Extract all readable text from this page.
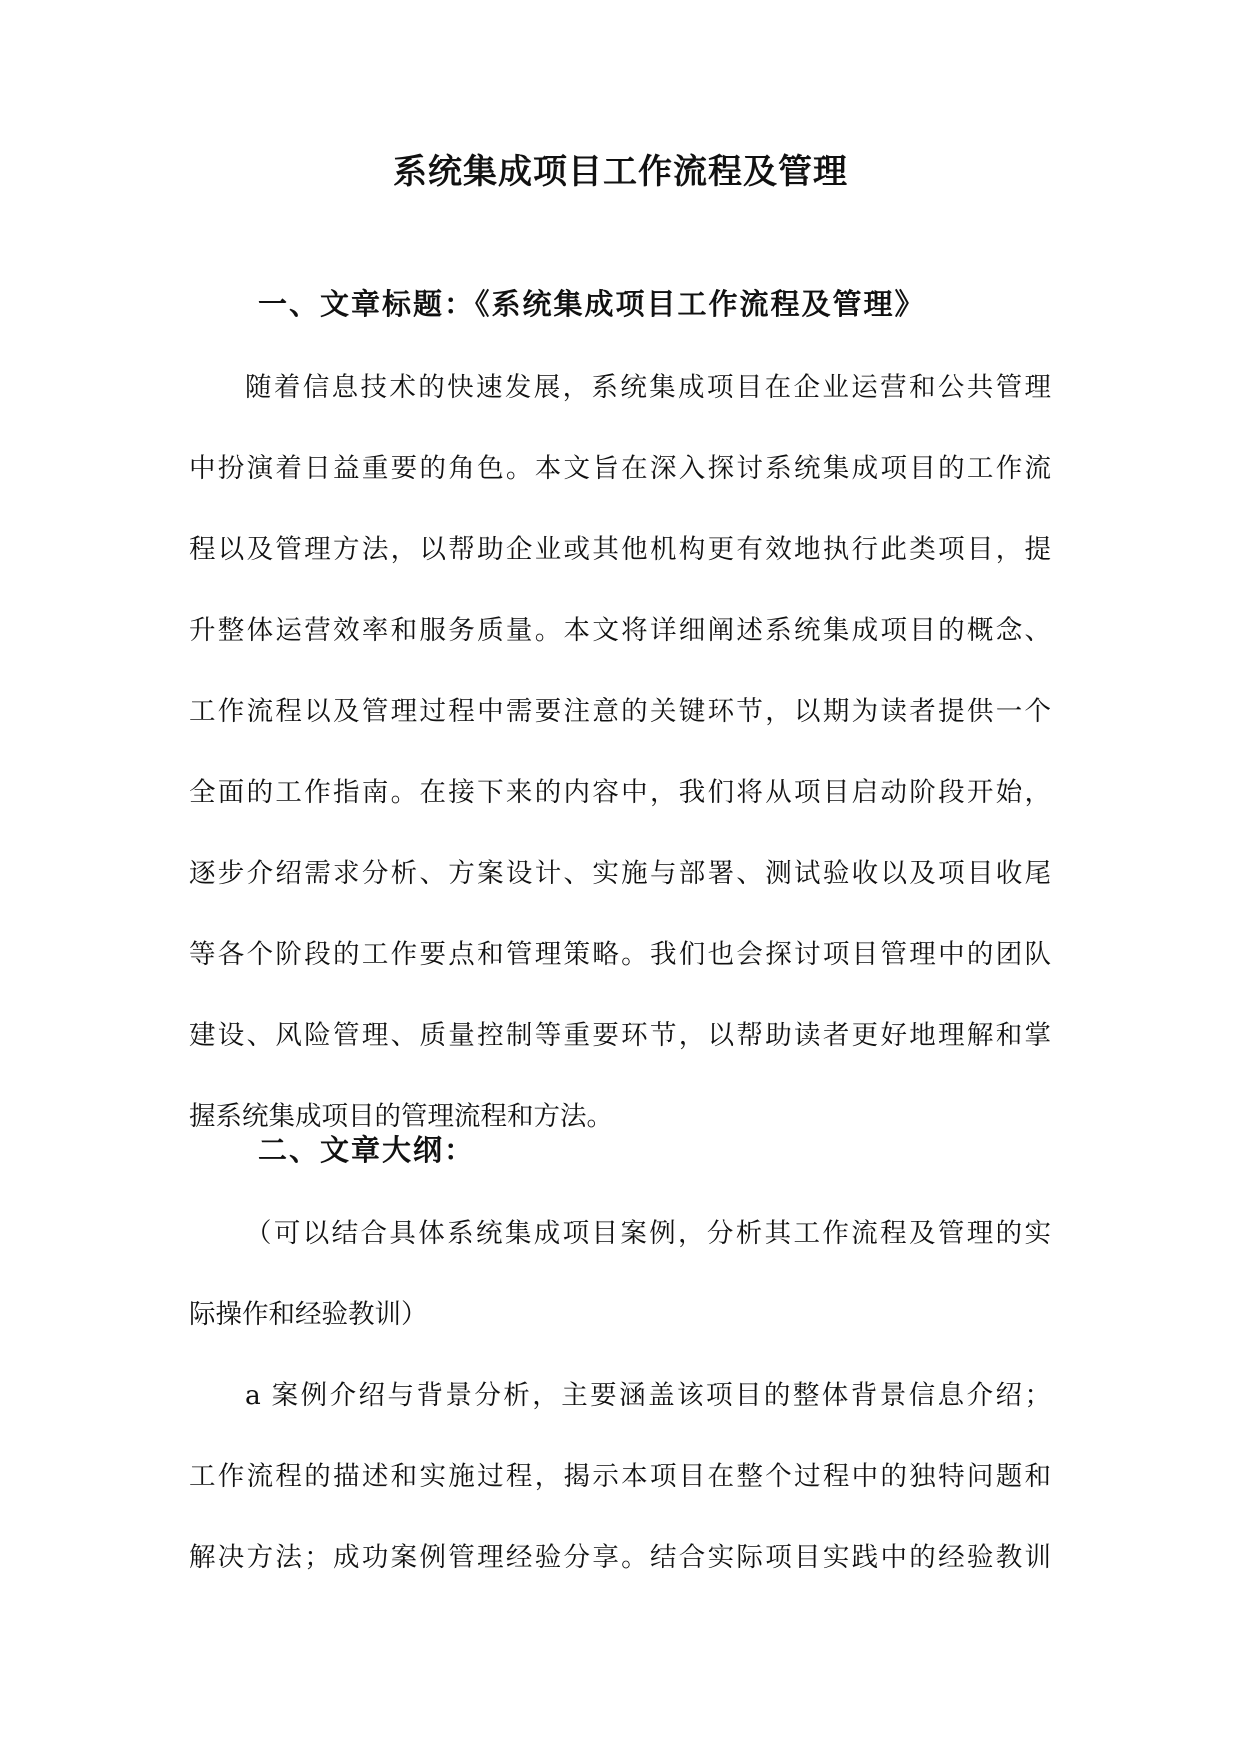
系统集成项目工作流程及管理
一、文章标题：《系统集成项目工作流程及管理》
随着信息技术的快速发展，系统集成项目在企业运营和公共管理
中扮演着日益重要的角色。本文旨在深入探讨系统集成项目的工作流
程以及管理方法，以帮助企业或其他机构更有效地执行此类项目，提
升整体运营效率和服务质量。本文将详细阐述系统集成项目的概念、
工作流程以及管理过程中需要注意的关键环节，以期为读者提供一个
全面的工作指南。在接下来的内容中，我们将从项目启动阶段开始，
逐步介绍需求分析、方案设计、实施与部署、测试验收以及项目收尾
等各个阶段的工作要点和管理策略。我们也会探讨项目管理中的团队
建设、风险管理、质量控制等重要环节，以帮助读者更好地理解和掌
握系统集成项目的管理流程和方法。
二、文章大纲：
（可以结合具体系统集成项目案例，分析其工作流程及管理的实
际操作和经验教训）
a 案例介绍与背景分析，主要涵盖该项目的整体背景信息介绍；
工作流程的描述和实施过程，揭示本项目在整个过程中的独特问题和
解决方法；成功案例管理经验分享。结合实际项目实践中的经验教训
